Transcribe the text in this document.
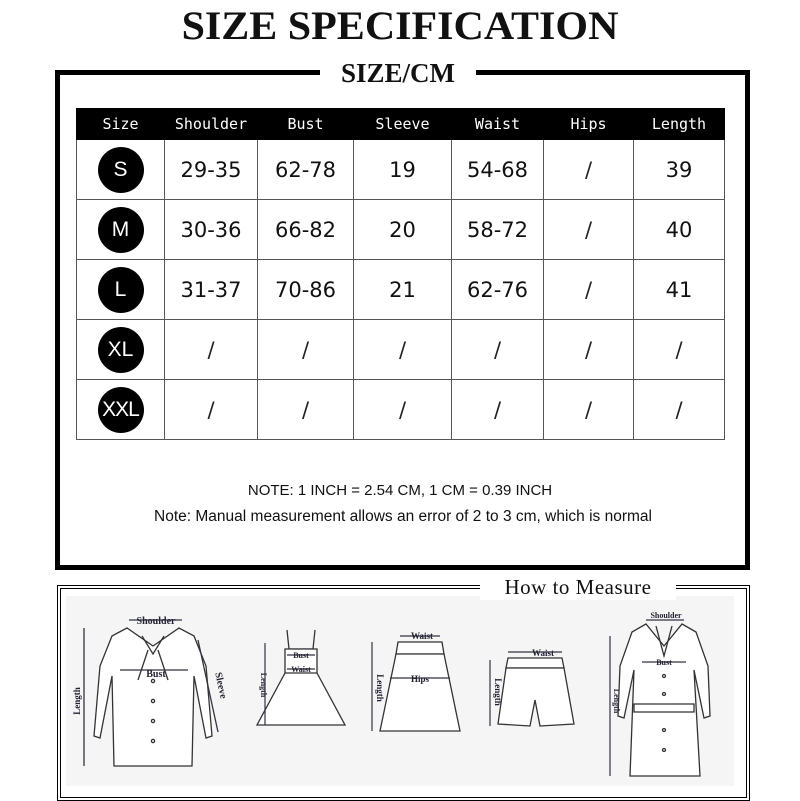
SIZE SPECIFICATION
SIZE/CM
Size	Shoulder	Bust	Sleeve	Waist	Hips	Length
S	29-35	62-78	19	54-68	/	39
M	30-36	66-82	20	58-72	/	40
L	31-37	70-86	21	62-76	/	41
XL	/	/	/	/	/	/
XXL	/	/	/	/	/	/
NOTE: 1 INCH = 2.54 CM, 1 CM = 0.39 INCH
Note: Manual measurement allows an error of 2 to 3 cm, which is normal
How to Measure
Shoulder
Bust
Length
Sleeve
Bust
Waist
Length
Waist
Hips
Length
Waist
Length
Shoulder
Bust
Length
